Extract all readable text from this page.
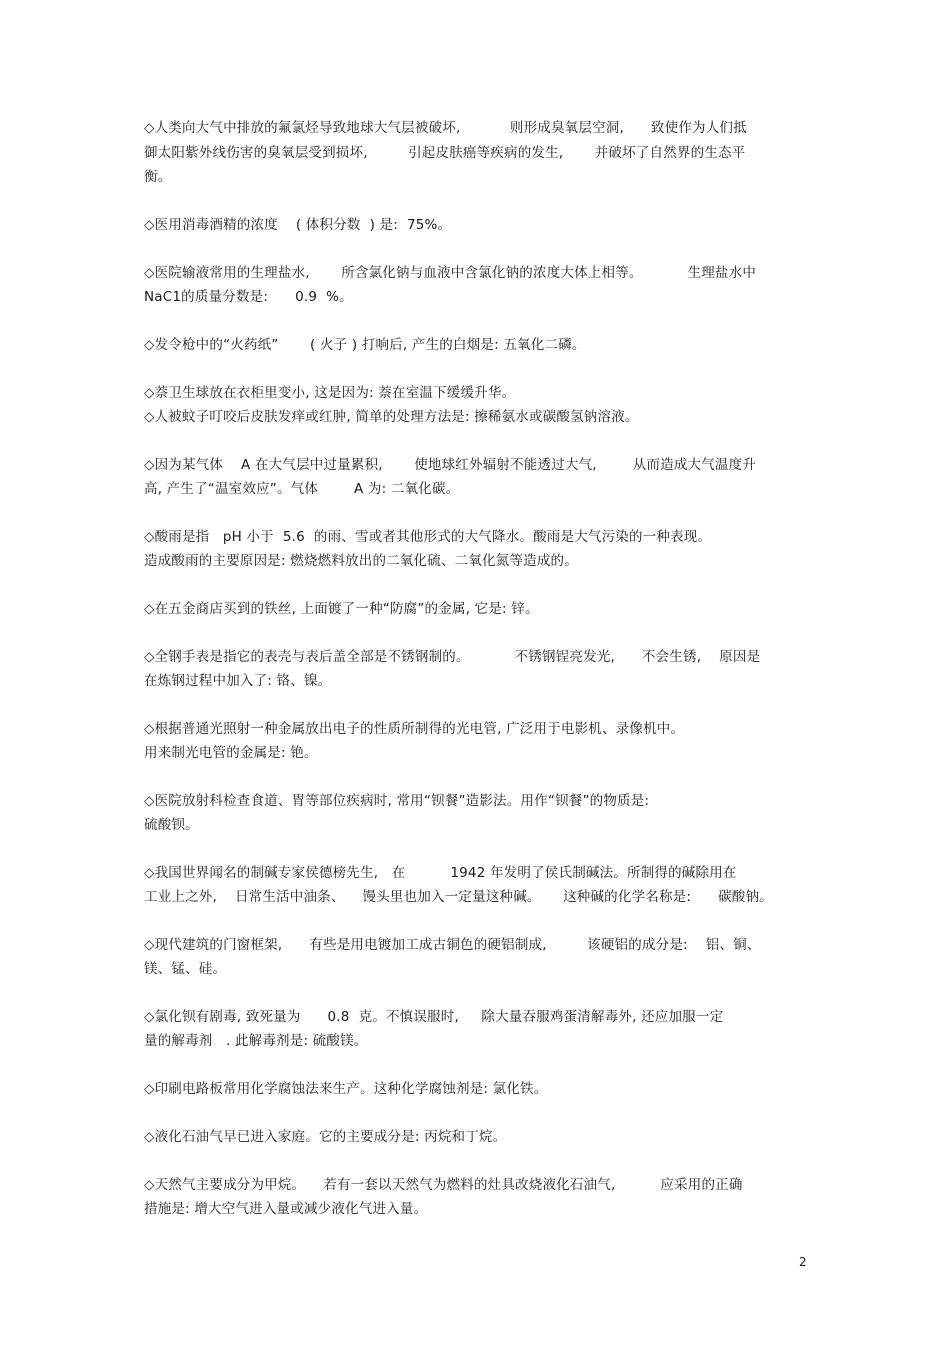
◇人类向大气中排放的氟氯烃导致地球大气层被破坏,           则形成臭氧层空洞,      致使作为人们抵
御太阳紫外线伤害的臭氧层受到损坏,         引起皮肤癌等疾病的发生,       并破坏了自然界的生态平
衡。
◇医用消毒酒精的浓度    ( 体积分数  ) 是:  75%。
◇医院输液常用的生理盐水,       所含氯化钠与血液中含氯化钠的浓度大体上相等。          生理盐水中
NaC1的质量分数是:      0.9  %。
◇发令枪中的“火药纸”       ( 火子 ) 打响后, 产生的白烟是: 五氧化二磷。
◇萘卫生球放在衣柜里变小, 这是因为: 萘在室温下缓缓升华。
◇人被蚊子叮咬后皮肤发痒或红肿, 简单的处理方法是: 擦稀氨水或碳酸氢钠溶液。
◇因为某气体    A 在大气层中过量累积,       使地球红外辐射不能透过大气,        从而造成大气温度升
高, 产生了“温室效应”。气体        A 为: 二氧化碳。
◇酸雨是指   pH 小于  5.6  的雨、雪或者其他形式的大气降水。酸雨是大气污染的一种表现。
造成酸雨的主要原因是: 燃烧燃料放出的二氧化硫、二氧化氮等造成的。
◇在五金商店买到的铁丝, 上面镀了一种“防腐”的金属, 它是: 锌。
◇全钢手表是指它的表壳与表后盖全部是不锈钢制的。          不锈钢锃亮发光,      不会生锈,    原因是
在炼钢过程中加入了: 铬、镍。
◇根据普通光照射一种金属放出电子的性质所制得的光电管, 广泛用于电影机、录像机中。
用来制光电管的金属是: 铯。
◇医院放射科检查食道、胃等部位疾病时, 常用“钡餐”造影法。用作“钡餐”的物质是:
硫酸钡。
◇我国世界闻名的制碱专家侯德榜先生,   在          1942 年发明了侯氏制碱法。所制得的碱除用在
工业上之外,    日常生活中油条、    馒头里也加入一定量这种碱。     这种碱的化学名称是:      碳酸钠。
◇现代建筑的门窗框架,      有些是用电镀加工成古铜色的硬铝制成,         该硬铝的成分是:    铝、铜、
镁、锰、硅。
◇氯化钡有剧毒, 致死量为      0.8  克。不慎误服时,     除大量吞服鸡蛋清解毒外, 还应加服一定
量的解毒剂   . 此解毒剂是: 硫酸镁。
◇印刷电路板常用化学腐蚀法来生产。这种化学腐蚀剂是: 氯化铁。
◇液化石油气早已进入家庭。它的主要成分是: 丙烷和丁烷。
◇天然气主要成分为甲烷。    若有一套以天然气为燃料的灶具改烧液化石油气,          应采用的正确
措施是: 增大空气进入量或减少液化气进入量。
2
